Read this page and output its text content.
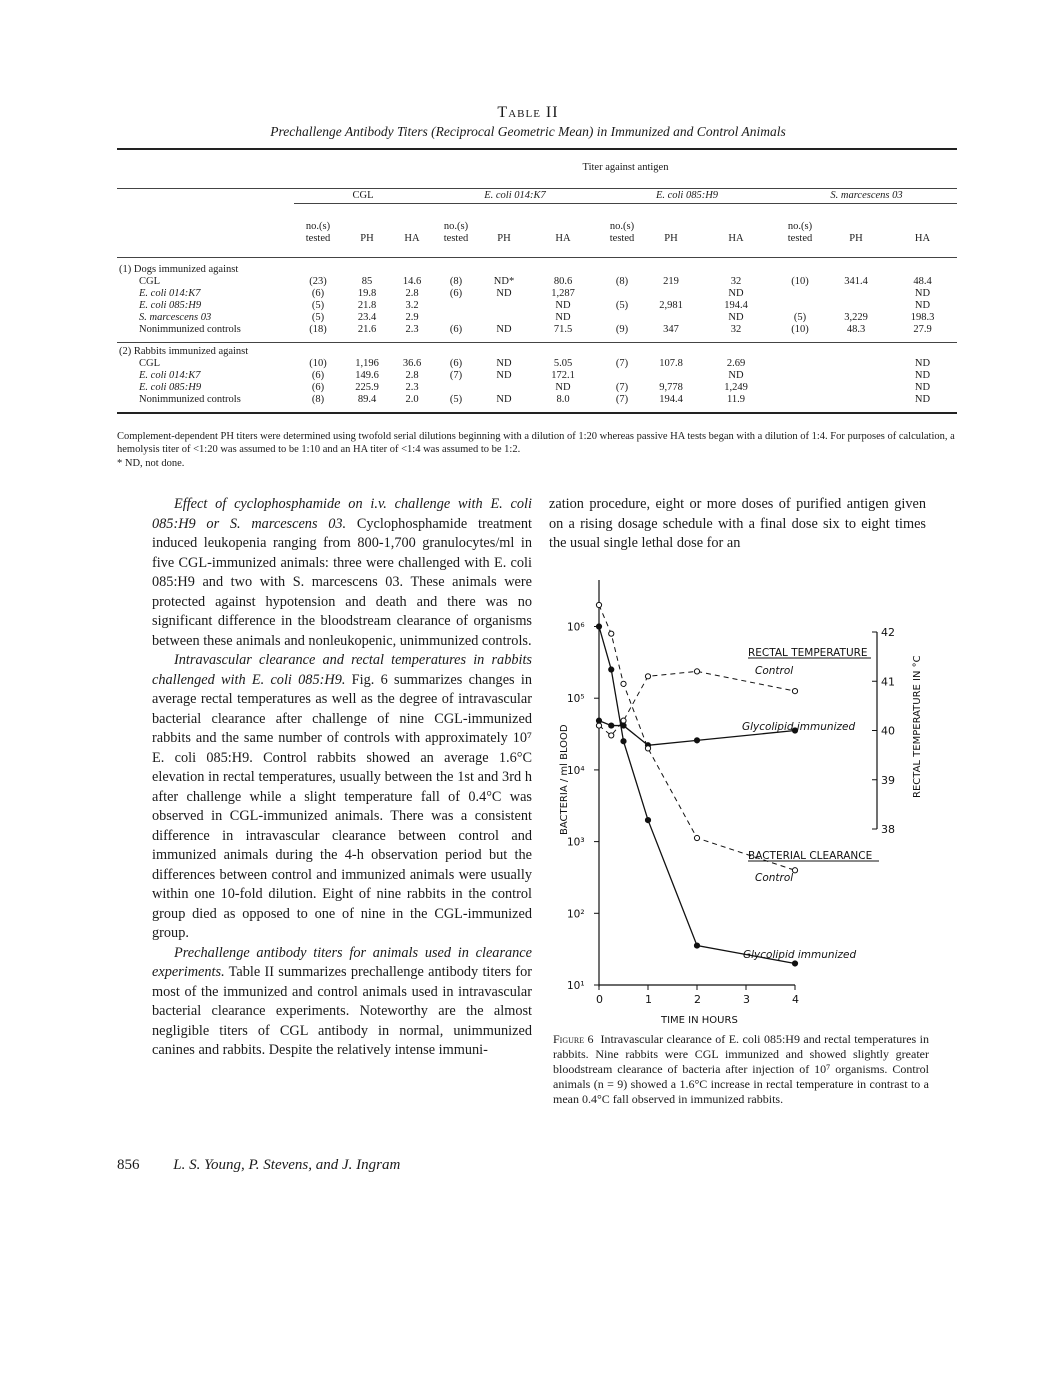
Table II
Prechallenge Antibody Titers (Reciprocal Geometric Mean) in Immunized and Control Animals

	Titer against antigen											

	CGL			E. coli 014:K7			E. coli 085:H9			S. marcescens 03		

	no.(s)			no.(s)			no.(s)			no.(s)		
	tested	PH	HA	tested	PH	HA	tested	PH	HA	tested	PH	HA

(1) Dogs immunized against												
CGL	(23)	85	14.6	(8)	ND*	80.6	(8)	219	32	(10)	341.4	48.4
E. coli 014:K7	(6)	19.8	2.8	(6)	ND	1,287			ND			ND
E. coli 085:H9	(5)	21.8	3.2			ND	(5)	2,981	194.4			ND
S. marcescens 03	(5)	23.4	2.9			ND			ND	(5)	3,229	198.3
Nonimmunized controls	(18)	21.6	2.3	(6)	ND	71.5	(9)	347	32	(10)	48.3	27.9

(2) Rabbits immunized against												
CGL	(10)	1,196	36.6	(6)	ND	5.05	(7)	107.8	2.69			ND
E. coli 014:K7	(6)	149.6	2.8	(7)	ND	172.1			ND			ND
E. coli 085:H9	(6)	225.9	2.3			ND	(7)	9,778	1,249			ND
Nonimmunized controls	(8)	89.4	2.0	(5)	ND	8.0	(7)	194.4	11.9			ND

Complement-dependent PH titers were determined using twofold serial dilutions beginning with a dilution of 1:20 whereas passive HA tests began with a dilution of 1:4. For purposes of calculation, a hemolysis titer of <1:20 was assumed to be 1:10 and an HA titer of <1:4 was assumed to be 1:2.
* ND, not done.

Effect of cyclophosphamide on i.v. challenge with E. coli 085:H9 or S. marcescens 03. Cyclophosphamide treatment induced leukopenia ranging from 800-1,700 granulocytes/ml in five CGL-immunized animals: three were challenged with E. coli 085:H9 and two with S. marcescens 03. These animals were protected against hypotension and death and there was no significant difference in the bloodstream clearance of organisms between these animals and nonleukopenic, unimmunized controls.

Intravascular clearance and rectal temperatures in rabbits challenged with E. coli 085:H9. Fig. 6 summarizes changes in average rectal temperatures as well as the degree of intravascular bacterial clearance after challenge of nine CGL-immunized rabbits and the same number of controls with approximately 10⁷ E. coli 085:H9. Control rabbits showed an average 1.6°C elevation in rectal temperatures, usually between the 1st and 3rd h after challenge while a slight temperature fall of 0.4°C was observed in CGL-immunized animals. There was a consistent difference in intravascular clearance between control and immunized animals during the 4-h observation period but the differences between control and immunized animals were usually within one 10-fold dilution. Eight of nine rabbits in the control group died as opposed to one of nine in the CGL-immunized group.

Prechallenge antibody titers for animals used in clearance experiments. Table II summarizes prechallenge antibody titers for most of the immunized and control animals used in intravascular bacterial clearance experiments. Noteworthy are the almost negligible titers of CGL antibody in normal, unimmunized canines and rabbits. Despite the relatively intense immuni-

zation procedure, eight or more doses of purified antigen given on a rising dosage schedule with a final dose six to eight times the usual single lethal dose for an

0	1	2	3	4
TIME IN HOURS
10¹
10²
10³
10⁴
10⁵
10⁶
BACTERIA / ml BLOOD	38
39
40
41
42
RECTAL TEMPERATURE IN °C
RECTAL TEMPERATURE
Control
Glycolipid immunized
BACTERIAL CLEARANCE
Control
Glycolipid immunized
Figure 6 Intravascular clearance of E. coli 085:H9 and rectal temperatures in rabbits. Nine rabbits were CGL immunized and showed slightly greater bloodstream clearance of bacteria after injection of 10⁷ organisms. Control animals (n = 9) showed a 1.6°C increase in rectal temperature in contrast to a mean 0.4°C fall observed in immunized rabbits.
856 L. S. Young, P. Stevens, and J. Ingram
